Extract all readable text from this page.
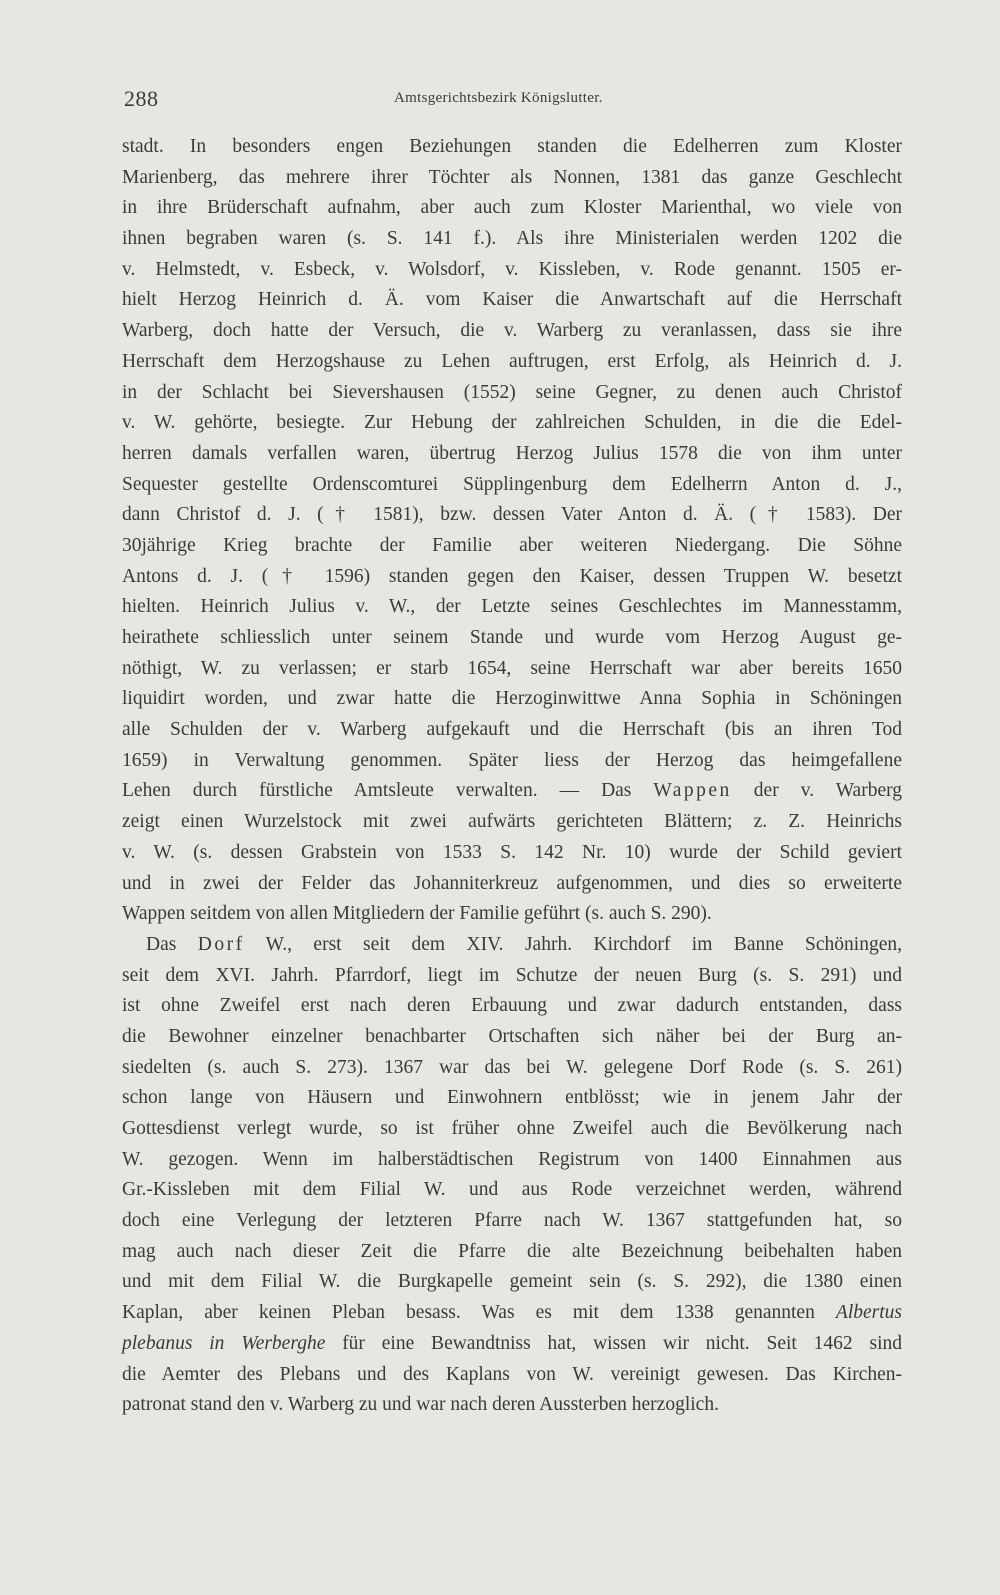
288	Amtsgerichtsbezirk Königslutter.
stadt. In besonders engen Beziehungen standen die Edelherren zum Kloster
Marienberg, das mehrere ihrer Töchter als Nonnen, 1381 das ganze Geschlecht
in ihre Brüderschaft aufnahm, aber auch zum Kloster Marienthal, wo viele von
ihnen begraben waren (s. S. 141 f.). Als ihre Ministerialen werden 1202 die
v. Helmstedt, v. Esbeck, v. Wolsdorf, v. Kissleben, v. Rode genannt. 1505 er-
hielt Herzog Heinrich d. Ä. vom Kaiser die Anwartschaft auf die Herrschaft
Warberg, doch hatte der Versuch, die v. Warberg zu veranlassen, dass sie ihre
Herrschaft dem Herzogshause zu Lehen auftrugen, erst Erfolg, als Heinrich d. J.
in der Schlacht bei Sievershausen (1552) seine Gegner, zu denen auch Christof
v. W. gehörte, besiegte. Zur Hebung der zahlreichen Schulden, in die die Edel-
herren damals verfallen waren, übertrug Herzog Julius 1578 die von ihm unter
Sequester gestellte Ordenscomturei Süpplingenburg dem Edelherrn Anton d. J.,
dann Christof d. J. († 1581), bzw. dessen Vater Anton d. Ä. († 1583). Der
30jährige Krieg brachte der Familie aber weiteren Niedergang. Die Söhne
Antons d. J. († 1596) standen gegen den Kaiser, dessen Truppen W. besetzt
hielten. Heinrich Julius v. W., der Letzte seines Geschlechtes im Mannesstamm,
heirathete schliesslich unter seinem Stande und wurde vom Herzog August ge-
nöthigt, W. zu verlassen; er starb 1654, seine Herrschaft war aber bereits 1650
liquidirt worden, und zwar hatte die Herzoginwittwe Anna Sophia in Schöningen
alle Schulden der v. Warberg aufgekauft und die Herrschaft (bis an ihren Tod
1659) in Verwaltung genommen. Später liess der Herzog das heimgefallene
Lehen durch fürstliche Amtsleute verwalten. — Das Wappen der v. Warberg
zeigt einen Wurzelstock mit zwei aufwärts gerichteten Blättern; z. Z. Heinrichs
v. W. (s. dessen Grabstein von 1533 S. 142 Nr. 10) wurde der Schild geviert
und in zwei der Felder das Johanniterkreuz aufgenommen, und dies so erweiterte
Wappen seitdem von allen Mitgliedern der Familie geführt (s. auch S. 290).
Das Dorf W., erst seit dem XIV. Jahrh. Kirchdorf im Banne Schöningen,
seit dem XVI. Jahrh. Pfarrdorf, liegt im Schutze der neuen Burg (s. S. 291) und
ist ohne Zweifel erst nach deren Erbauung und zwar dadurch entstanden, dass
die Bewohner einzelner benachbarter Ortschaften sich näher bei der Burg an-
siedelten (s. auch S. 273). 1367 war das bei W. gelegene Dorf Rode (s. S. 261)
schon lange von Häusern und Einwohnern entblösst; wie in jenem Jahr der
Gottesdienst verlegt wurde, so ist früher ohne Zweifel auch die Bevölkerung nach
W. gezogen. Wenn im halberstädtischen Registrum von 1400 Einnahmen aus
Gr.-Kissleben mit dem Filial W. und aus Rode verzeichnet werden, während
doch eine Verlegung der letzteren Pfarre nach W. 1367 stattgefunden hat, so
mag auch nach dieser Zeit die Pfarre die alte Bezeichnung beibehalten haben
und mit dem Filial W. die Burgkapelle gemeint sein (s. S. 292), die 1380 einen
Kaplan, aber keinen Pleban besass. Was es mit dem 1338 genannten Albertus
plebanus in Werberghe für eine Bewandtniss hat, wissen wir nicht. Seit 1462 sind
die Aemter des Plebans und des Kaplans von W. vereinigt gewesen. Das Kirchen-
patronat stand den v. Warberg zu und war nach deren Aussterben herzoglich.
